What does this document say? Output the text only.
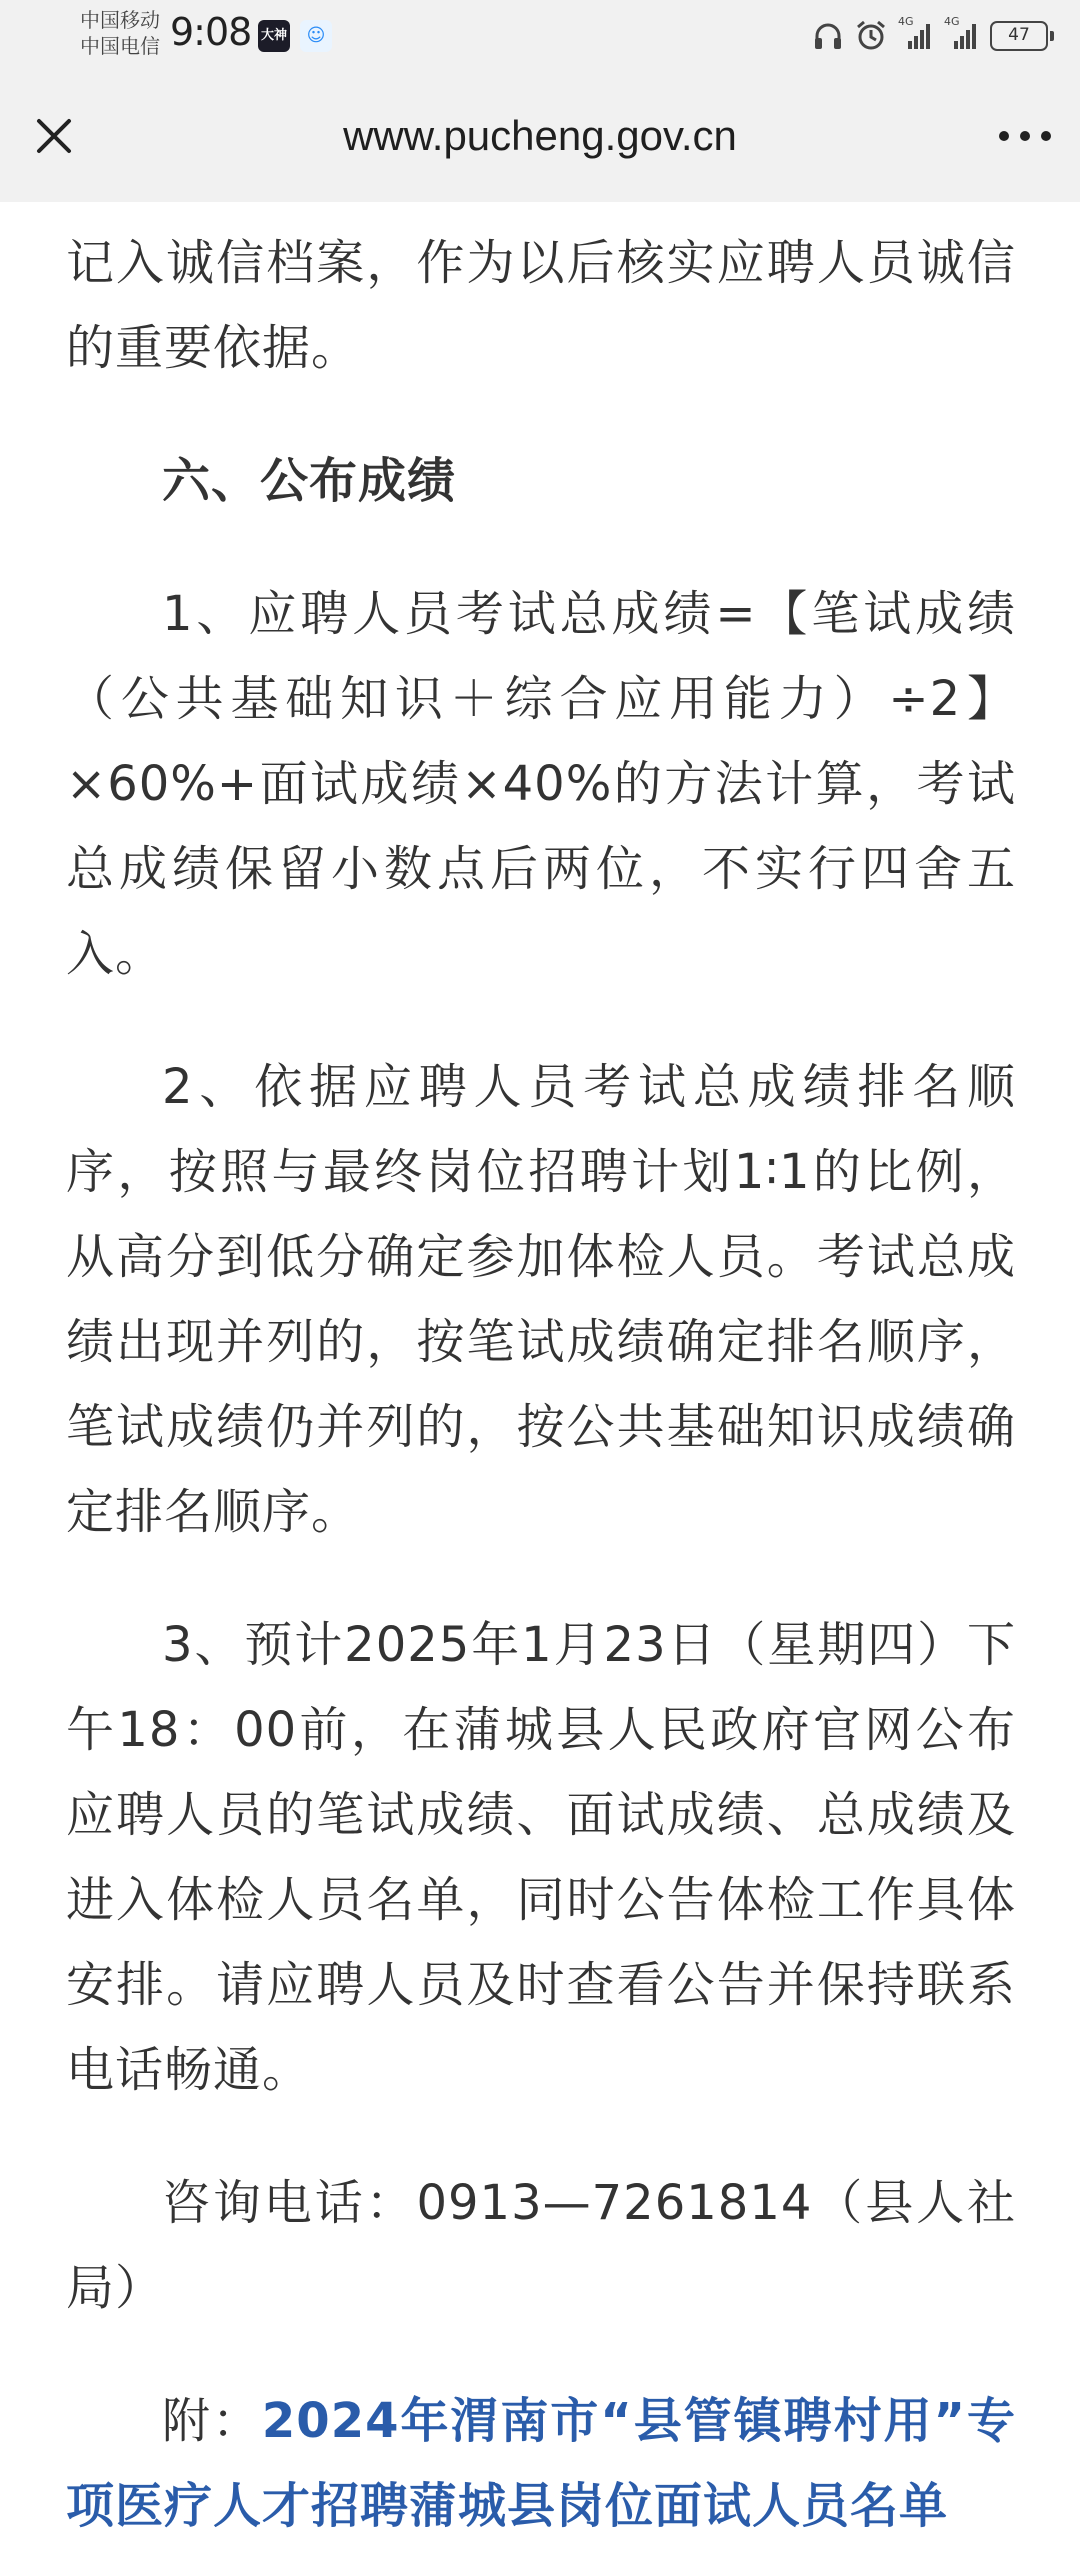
中国移动
中国电信 9:08 大神	☺
4G	4G
47
www.pucheng.gov.cn

记入诚信档案，作为以后核实应聘人员诚信的重要依据。

六、公布成绩

1、应聘人员考试总成绩=【笔试成绩（公共基础知识＋综合应用能力）÷2】×60%+面试成绩×40%的方法计算，考试总成绩保留小数点后两位，不实行四舍五入。

2、依据应聘人员考试总成绩排名顺序，按照与最终岗位招聘计划1∶1的比例，从高分到低分确定参加体检人员。考试总成绩出现并列的，按笔试成绩确定排名顺序，笔试成绩仍并列的，按公共基础知识成绩确定排名顺序。

3、预计2025年1月23日（星期四）下午18：00前，在蒲城县人民政府官网公布应聘人员的笔试成绩、面试成绩、总成绩及进入体检人员名单，同时公告体检工作具体安排。请应聘人员及时查看公告并保持联系电话畅通。

咨询电话：0913—7261814（县人社局）

附：2024年渭南市“县管镇聘村用”专项医疗人才招聘蒲城县岗位面试人员名单
